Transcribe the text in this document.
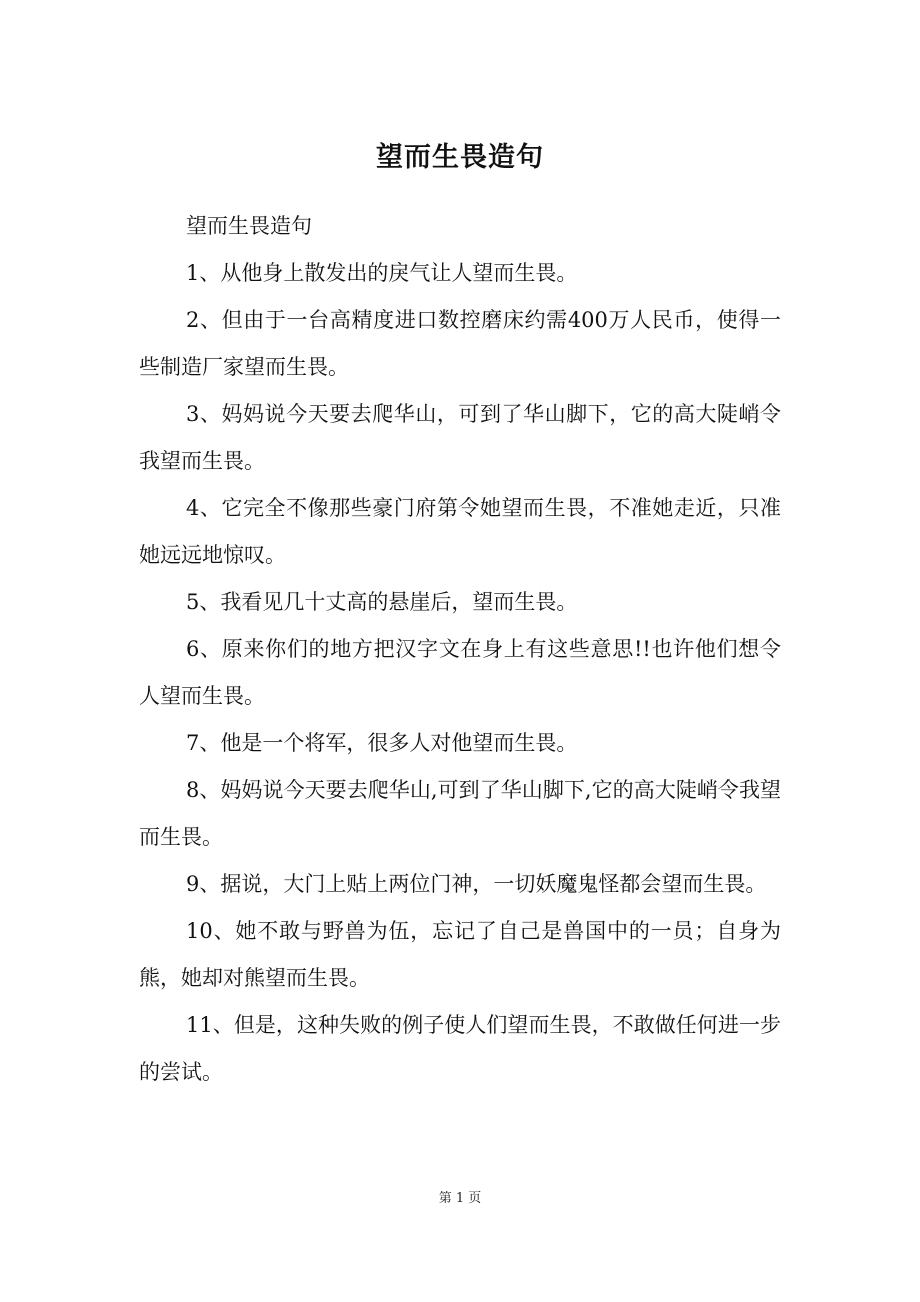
望而生畏造句

望而生畏造句

1、从他身上散发出的戾气让人望而生畏。

2、但由于一台高精度进口数控磨床约需400万人民币，使得一些制造厂家望而生畏。

3、妈妈说今天要去爬华山，可到了华山脚下，它的高大陡峭令我望而生畏。

4、它完全不像那些豪门府第令她望而生畏，不准她走近，只准她远远地惊叹。

5、我看见几十丈高的悬崖后，望而生畏。

6、原来你们的地方把汉字文在身上有这些意思!!也许他们想令人望而生畏。

7、他是一个将军，很多人对他望而生畏。

8、妈妈说今天要去爬华山,可到了华山脚下,它的高大陡峭令我望而生畏。

9、据说，大门上贴上两位门神，一切妖魔鬼怪都会望而生畏。

10、她不敢与野兽为伍，忘记了自己是兽国中的一员；自身为熊，她却对熊望而生畏。

11、但是，这种失败的例子使人们望而生畏，不敢做任何进一步的尝试。

第 1 页
